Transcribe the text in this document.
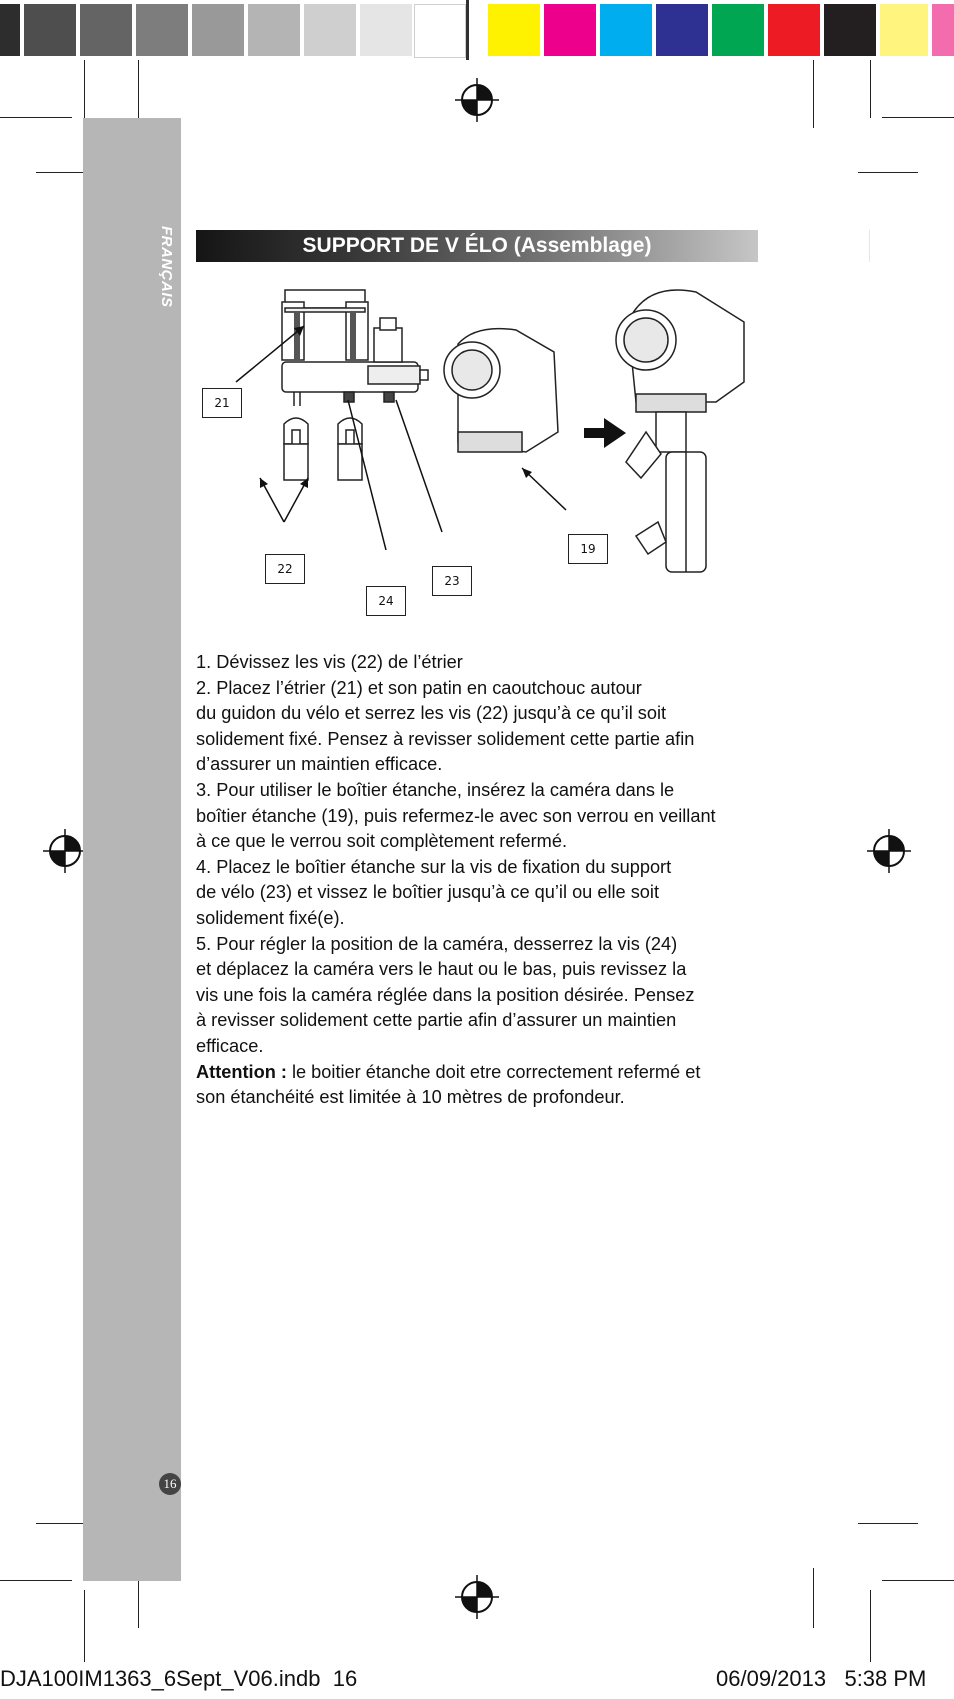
FRANÇAIS	SUPPORT DE V ÉLO (Assemblage)
21
22
24
23
19

1. Dévissez les vis (22) de l’étrier

2. Placez l’étrier (21) et son patin en caoutchouc autour

du guidon du vélo et serrez les vis (22) jusqu’à ce qu’il soit

solidement fixé. Pensez à revisser solidement cette partie afin

d’assurer un maintien efficace.

3. Pour utiliser le boîtier étanche, insérez la caméra dans le

boîtier étanche (19), puis refermez-le avec son verrou en veillant

à ce que le verrou soit complètement refermé.

4. Placez le boîtier étanche sur la vis de fixation du support

de vélo (23) et vissez le boîtier jusqu’à ce qu’il ou elle soit

solidement fixé(e).

5. Pour régler la position de la caméra, desserrez la vis (24)

et déplacez la caméra vers le haut ou le bas, puis revissez la

vis une fois la caméra réglée dans la position désirée. Pensez

à revisser solidement cette partie afin d’assurer un maintien

efficace.

Attention : le boitier étanche doit etre correctement refermé et

son étanchéité est limitée à 10 mètres de profondeur.

16
DJA100IM1363_6Sept_V06.indb 16	06/09/2013 5:38 PM
